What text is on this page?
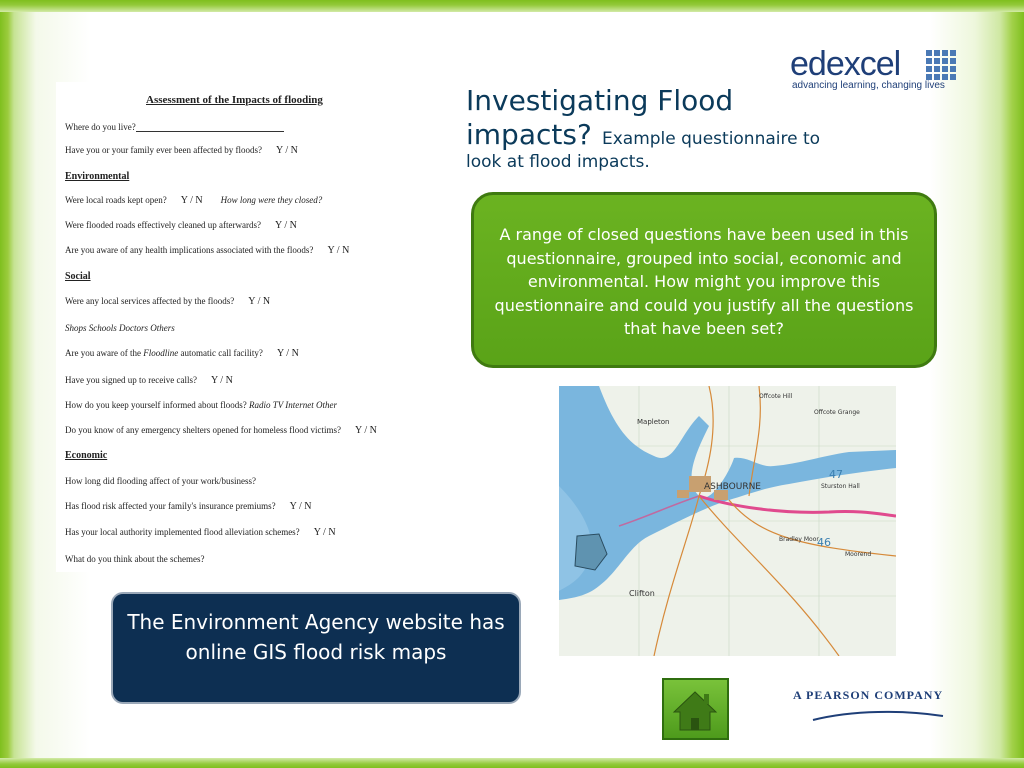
Assessment of the Impacts of flooding
Where do you live?
Have you or your family ever been affected by floods? Y / N
Environmental
Were local roads kept open? Y / N How long were they closed?
Were flooded roads effectively cleaned up afterwards? Y / N
Are you aware of any health implications associated with the floods? Y / N
Social
Were any local services affected by the floods? Y / N
Shops Schools Doctors Others
Are you aware of the Floodline automatic call facility? Y / N
Have you signed up to receive calls? Y / N
How do you keep yourself informed about floods? Radio TV Internet Other
Do you know of any emergency shelters opened for homeless flood victims? Y / N
Economic
How long did flooding affect of your work/business?
Has flood risk affected your family's insurance premiums? Y / N
Has your local authority implemented flood alleviation schemes? Y / N
What do you think about the schemes?
Investigating Flood
impacts? Example questionnaire to
look at flood impacts.
edexcel
advancing learning, changing lives
A range of closed questions have been used in this questionnaire, grouped into social, economic and environmental. How might you improve this questionnaire and could you justify all the questions that have been set?
ASHBOURNE
Mapleton
Clifton
Offcote Hill
Offcote Grange
Sturston Hall
Moorend
Bradley Moor
47
46
The Environment Agency website has online GIS flood risk maps
A PEARSON COMPANY
